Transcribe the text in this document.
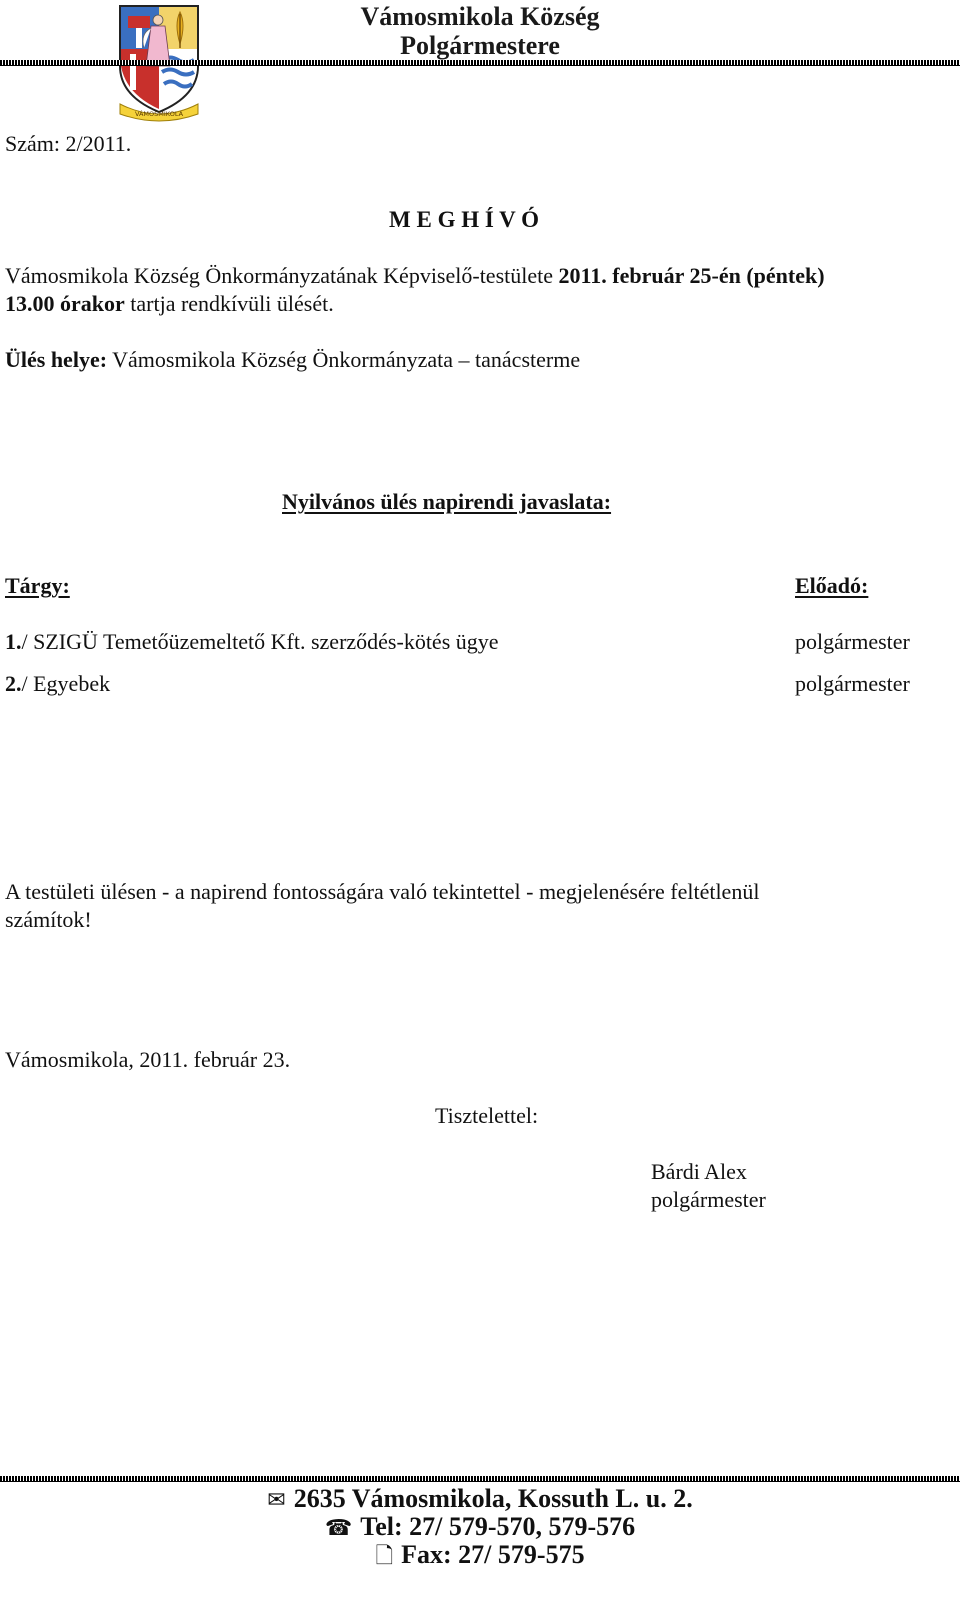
VÁMOSMIKOLA
Vámosmikola Község
Polgármestere
Szám: 2/2011.
M E G H Í V Ó
Vámosmikola Község Önkormányzatának Képviselő-testülete 2011. február 25-én (péntek)
13.00 órakor tartja rendkívüli ülését.
Ülés helye: Vámosmikola Község Önkormányzata – tanácsterme
Nyilvános ülés napirendi javaslata:
Tárgy:	Előadó:
1./ SZIGÜ Temetőüzemeltető Kft. szerződés-kötés ügye	polgármester
2./ Egyebek	polgármester
A testületi ülésen - a napirend fontosságára való tekintettel - megjelenésére feltétlenül
számítok!
Vámosmikola, 2011. február 23.
Tisztelettel:
Bárdi Alex
polgármester
✉ 2635 Vámosmikola, Kossuth L. u. 2.
☎ Tel: 27/ 579-570, 579-576
🗋 Fax: 27/ 579-575
